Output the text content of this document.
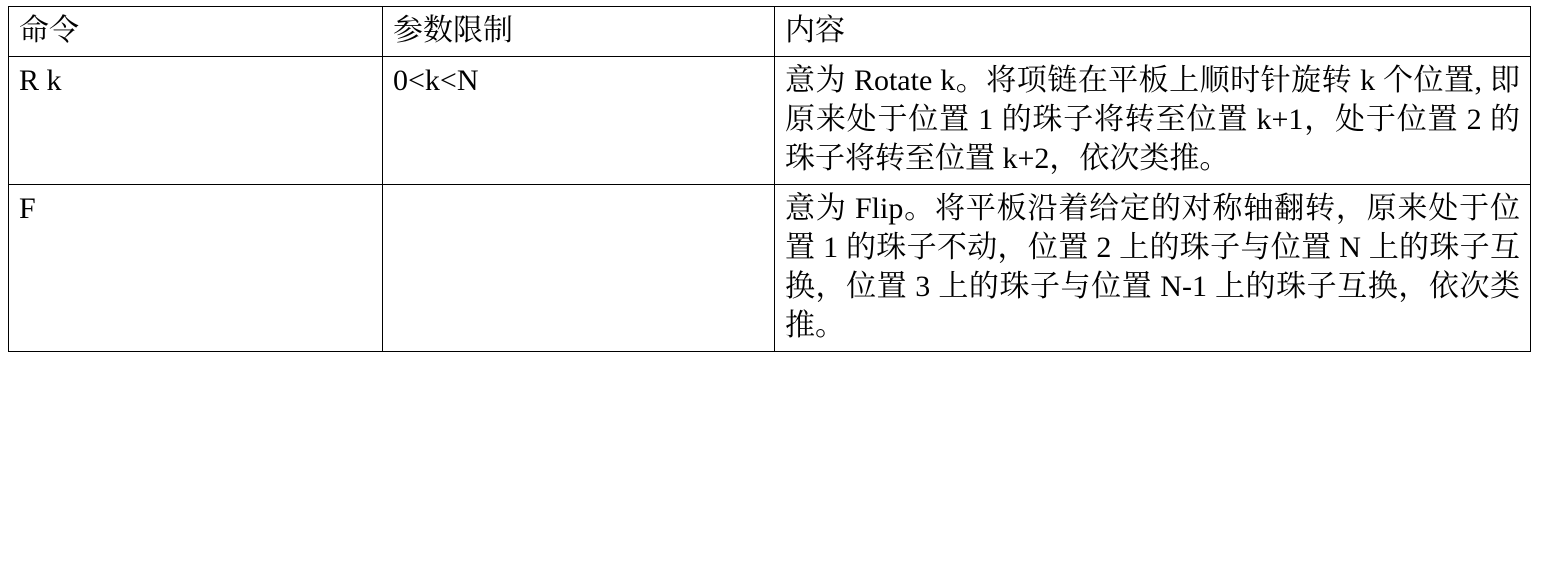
命令	参数限制	内容

R k	0<k<N	意为 Rotate k。将项链在平板上顺时针旋转 k 个位置, 即原来处于位置 1 的珠子将转至位置 k+1，处于位置 2 的珠子将转至位置 k+2，依次类推。

F		意为 Flip。将平板沿着给定的对称轴翻转，原来处于位置 1 的珠子不动，位置 2 上的珠子与位置 N 上的珠子互换，位置 3 上的珠子与位置 N-1 上的珠子互换，依次类推。
